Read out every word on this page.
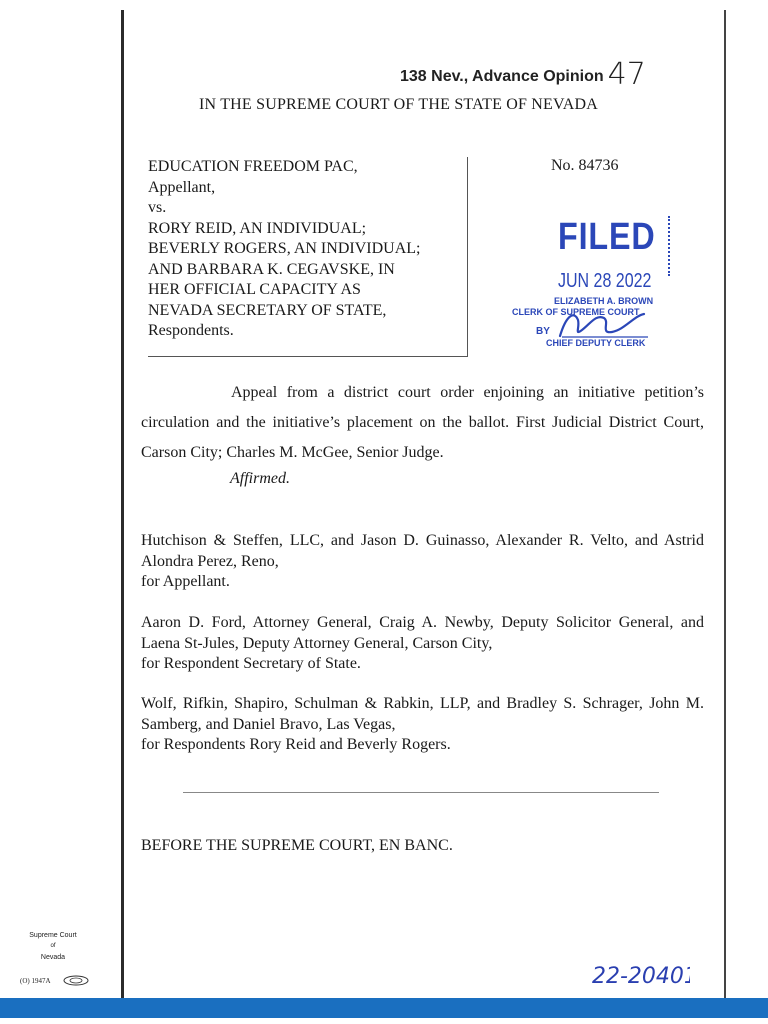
138 Nev., Advance Opinion 47
IN THE SUPREME COURT OF THE STATE OF NEVADA
EDUCATION FREEDOM PAC,
Appellant,
vs.
RORY REID, AN INDIVIDUAL;
BEVERLY ROGERS, AN INDIVIDUAL;
AND BARBARA K. CEGAVSKE, IN
HER OFFICIAL CAPACITY AS
NEVADA SECRETARY OF STATE,
Respondents.
No. 84736
FILED
JUN 28 2022
ELIZABETH A. BROWN
CLERK OF SUPREME COURT
BY
CHIEF DEPUTY CLERK

Appeal from a district court order enjoining an initiative petition’s circulation and the initiative’s placement on the ballot. First Judicial District Court, Carson City; Charles M. McGee, Senior Judge.

Affirmed.

Hutchison & Steffen, LLC, and Jason D. Guinasso, Alexander R. Velto, and Astrid Alondra Perez, Reno,

for Appellant.

Aaron D. Ford, Attorney General, Craig A. Newby, Deputy Solicitor General, and Laena St-Jules, Deputy Attorney General, Carson City,

for Respondent Secretary of State.

Wolf, Rifkin, Shapiro, Schulman & Rabkin, LLP, and Bradley S. Schrager, John M. Samberg, and Daniel Bravo, Las Vegas,

for Respondents Rory Reid and Beverly Rogers.

BEFORE THE SUPREME COURT, EN BANC.
Supreme Court
of
Nevada
(O) 1947A	22-20401
